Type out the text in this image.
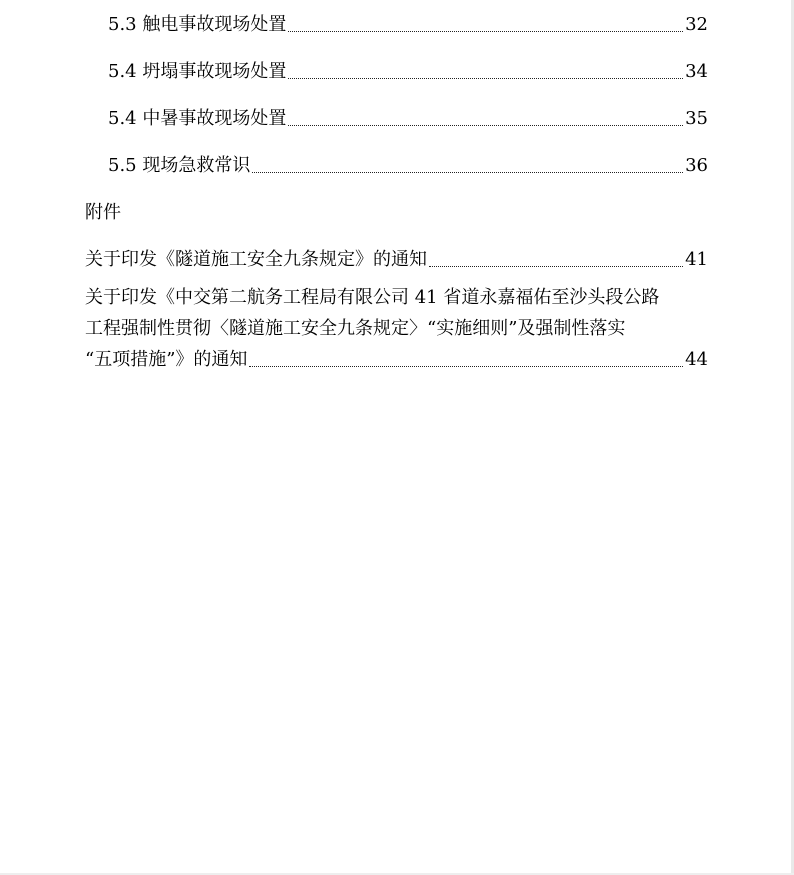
5.3 触电事故现场处置	32
5.4 坍塌事故现场处置	34
5.4 中暑事故现场处置	35
5.5 现场急救常识	36
附件
关于印发《隧道施工安全九条规定》的通知	41
关于印发《中交第二航务工程局有限公司 41 省道永嘉福佑至沙头段公路
工程强制性贯彻〈隧道施工安全九条规定〉“实施细则”及强制性落实
“五项措施”》的通知	44
